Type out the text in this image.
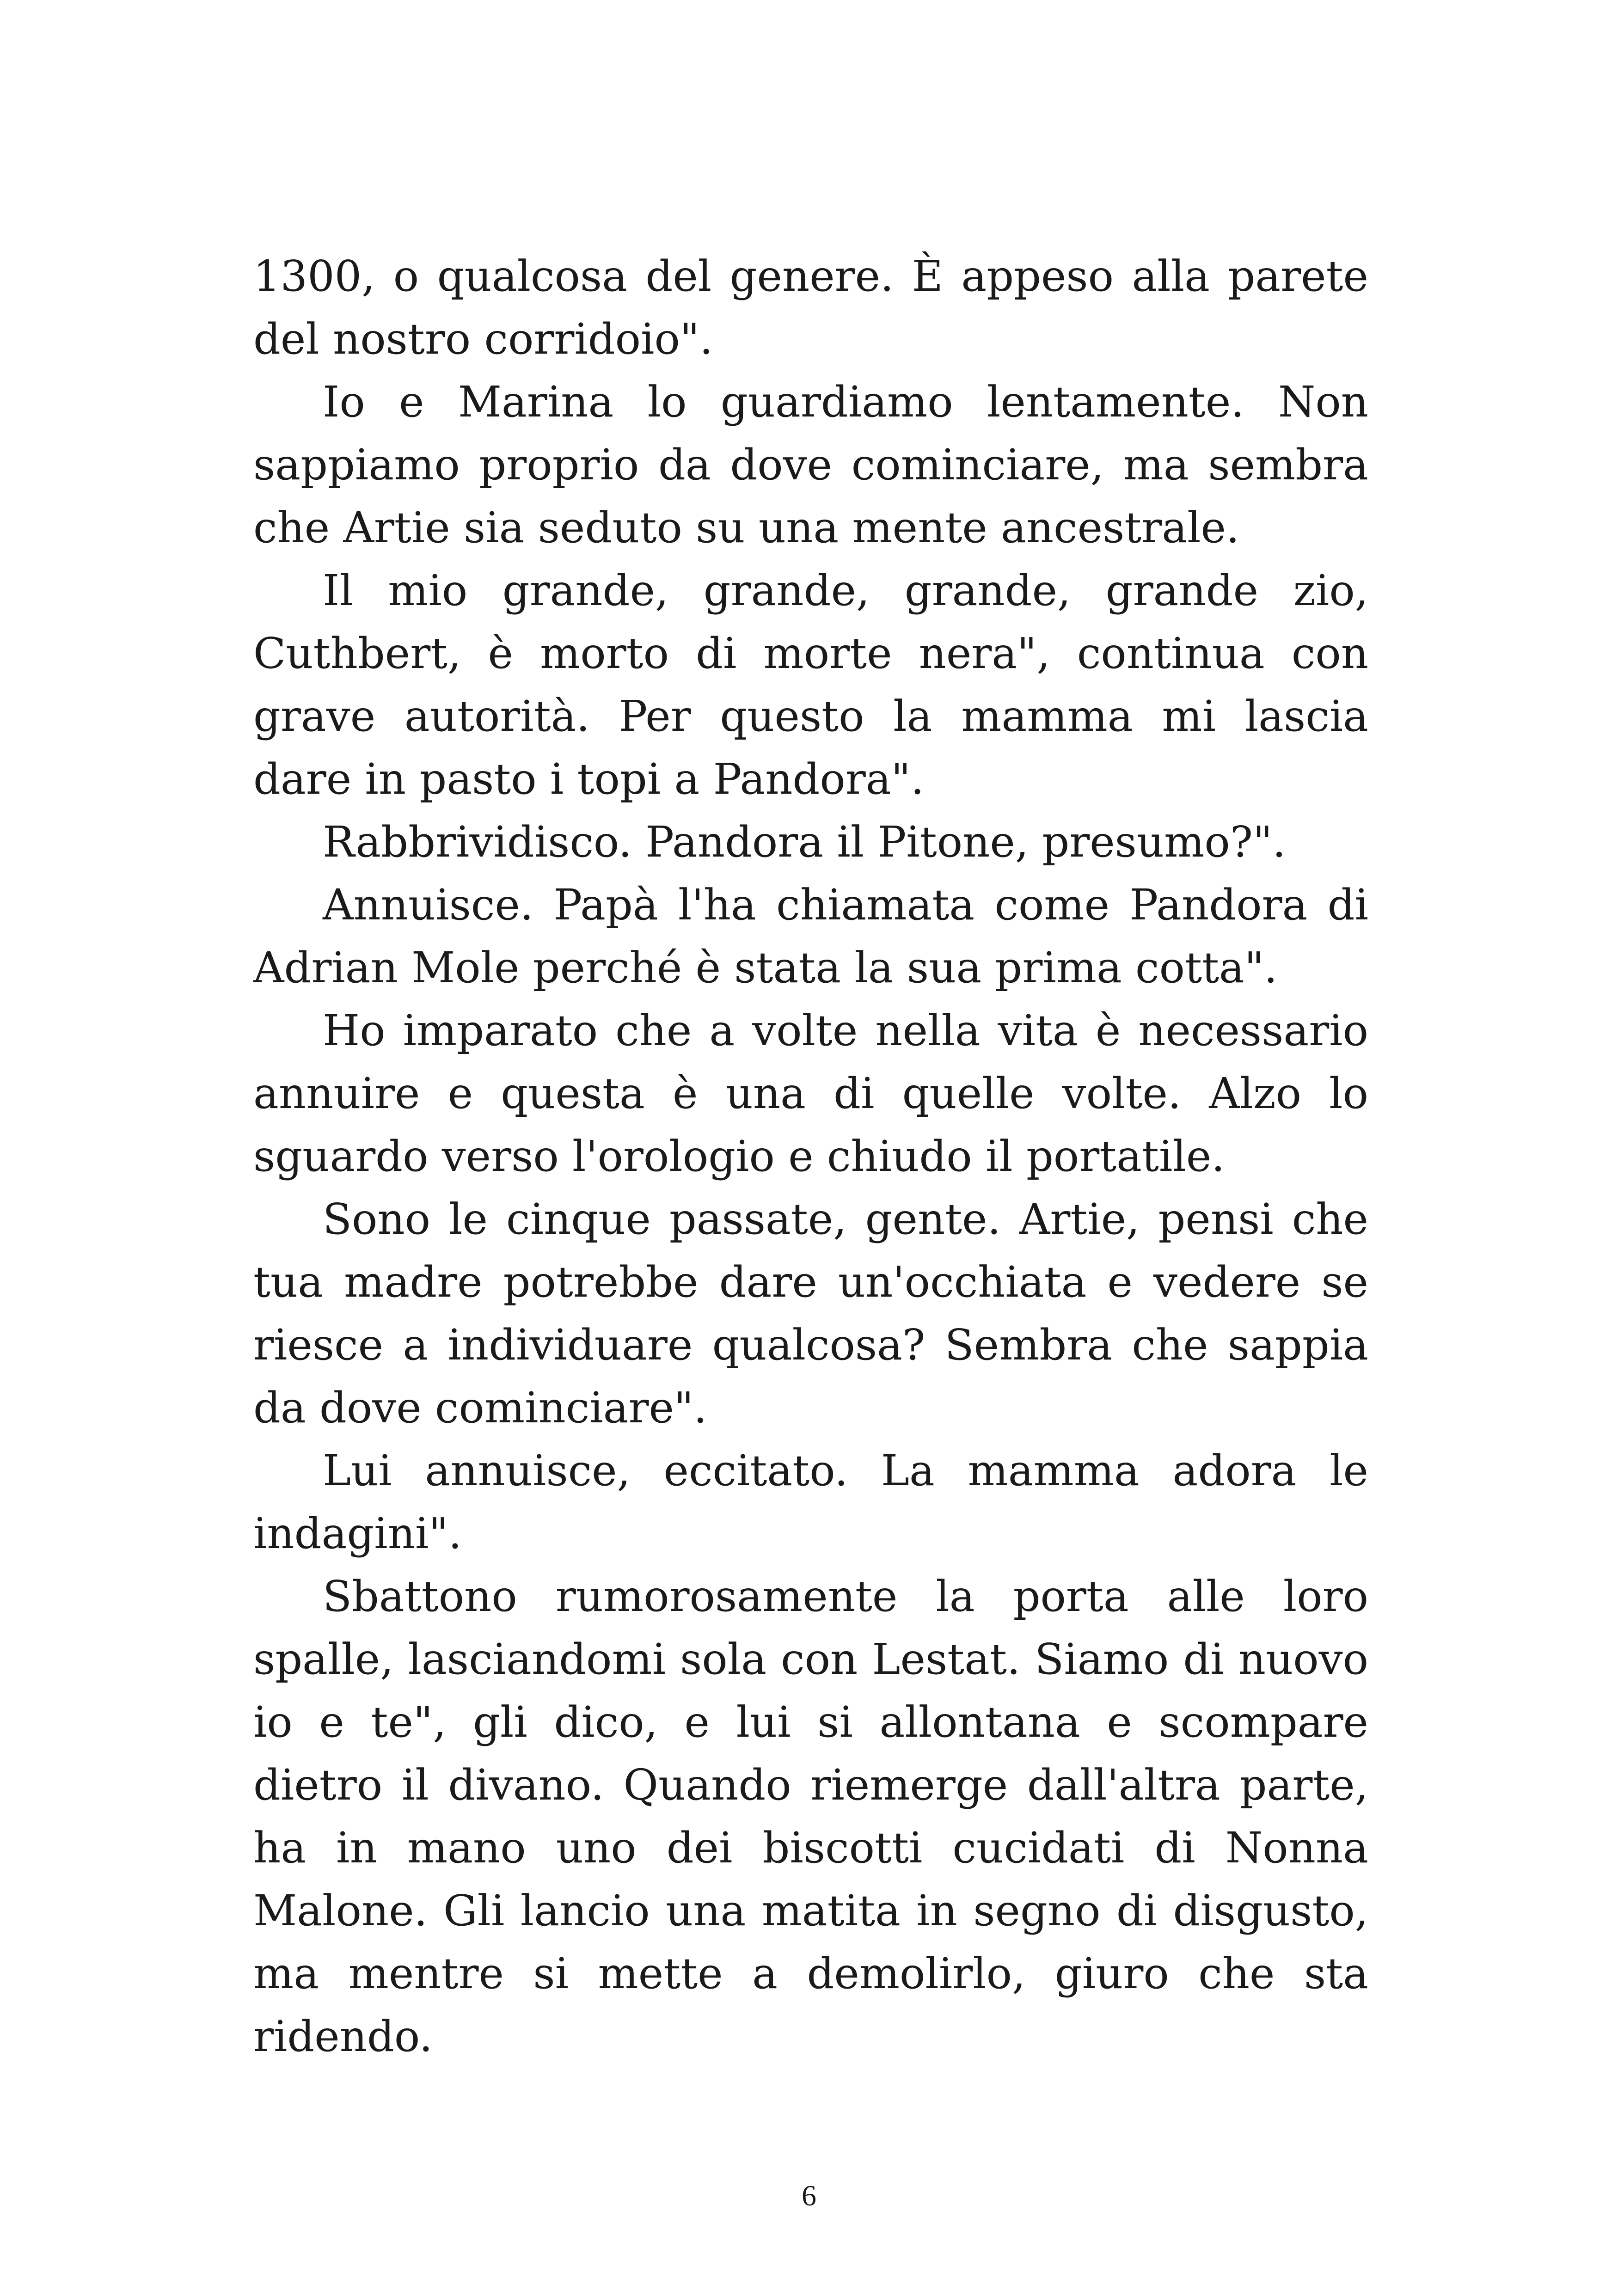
1300, o qualcosa del genere. È appeso alla parete del nostro corridoio".

Io e Marina lo guardiamo lentamente. Non sappiamo proprio da dove cominciare, ma sembra che Artie sia seduto su una mente ancestrale.

Il mio grande, grande, grande, grande zio, Cuthbert, è morto di morte nera", continua con grave autorità. Per questo la mamma mi lascia dare in pasto i topi a Pandora".

Rabbrividisco. Pandora il Pitone, presumo?".

Annuisce. Papà l'ha chiamata come Pandora di Adrian Mole perché è stata la sua prima cotta".

Ho imparato che a volte nella vita è necessario annuire e questa è una di quelle volte. Alzo lo sguardo verso l'orologio e chiudo il portatile.

Sono le cinque passate, gente. Artie, pensi che tua madre potrebbe dare un'occhiata e vedere se riesce a individuare qualcosa? Sembra che sappia da dove cominciare".

Lui annuisce, eccitato. La mamma adora le indagini".

Sbattono rumorosamente la porta alle loro spalle, lasciandomi sola con Lestat. Siamo di nuovo io e te", gli dico, e lui si allontana e scompare dietro il divano. Quando riemerge dall'altra parte, ha in mano uno dei biscotti cucidati di Nonna Malone. Gli lancio una matita in segno di disgusto, ma mentre si mette a demolirlo, giuro che sta ridendo.

6
